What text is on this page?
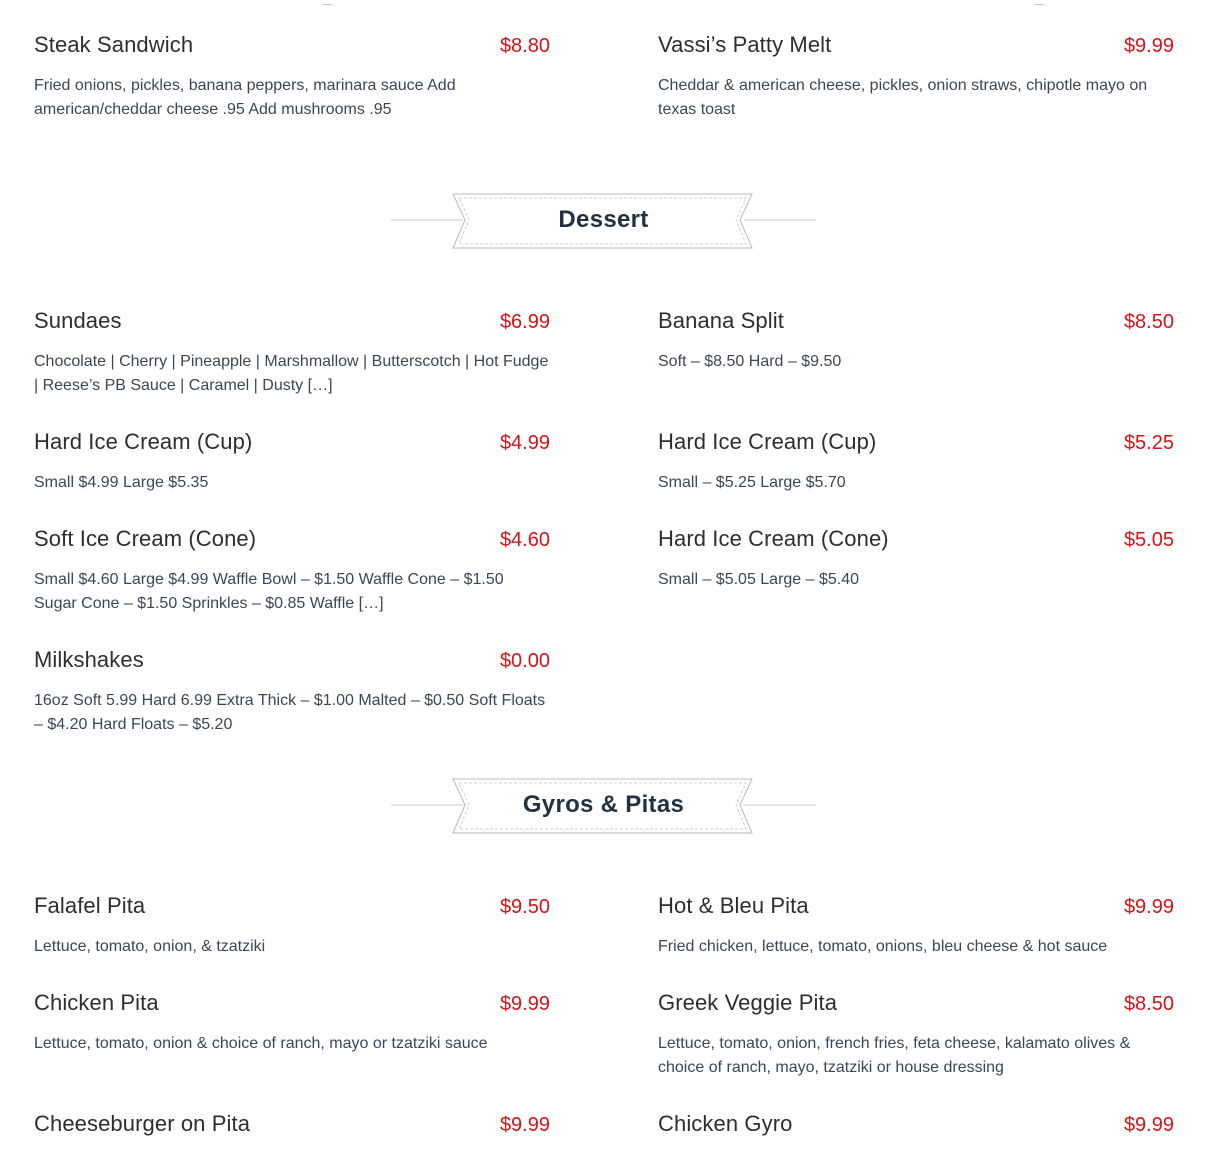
Steak Sandwich	$8.80
Fried onions, pickles, banana peppers, marinara sauce Add american/cheddar cheese .95 Add mushrooms .95
Vassi’s Patty Melt	$9.99
Cheddar & american cheese, pickles, onion straws, chipotle mayo on texas toast
Dessert
Sundaes	$6.99
Chocolate | Cherry | Pineapple | Marshmallow | Butterscotch | Hot Fudge | Reese’s PB Sauce | Caramel | Dusty […]
Banana Split	$8.50
Soft – $8.50 Hard – $9.50
Hard Ice Cream (Cup)	$4.99
Small $4.99 Large $5.35
Hard Ice Cream (Cup)	$5.25
Small – $5.25 Large $5.70
Soft Ice Cream (Cone)	$4.60
Small $4.60 Large $4.99 Waffle Bowl – $1.50 Waffle Cone – $1.50 Sugar Cone – $1.50 Sprinkles – $0.85 Waffle […]
Hard Ice Cream (Cone)	$5.05
Small – $5.05 Large – $5.40
Milkshakes	$0.00
16oz Soft 5.99 Hard 6.99 Extra Thick – $1.00 Malted – $0.50 Soft Floats – $4.20 Hard Floats – $5.20
Gyros & Pitas
Falafel Pita	$9.50
Lettuce, tomato, onion, & tzatziki
Hot & Bleu Pita	$9.99
Fried chicken, lettuce, tomato, onions, bleu cheese & hot sauce
Chicken Pita	$9.99
Lettuce, tomato, onion & choice of ranch, mayo or tzatziki sauce
Greek Veggie Pita	$8.50
Lettuce, tomato, onion, french fries, feta cheese, kalamato olives & choice of ranch, mayo, tzatziki or house dressing
Cheeseburger on Pita	$9.99	Chicken Gyro	$9.99
